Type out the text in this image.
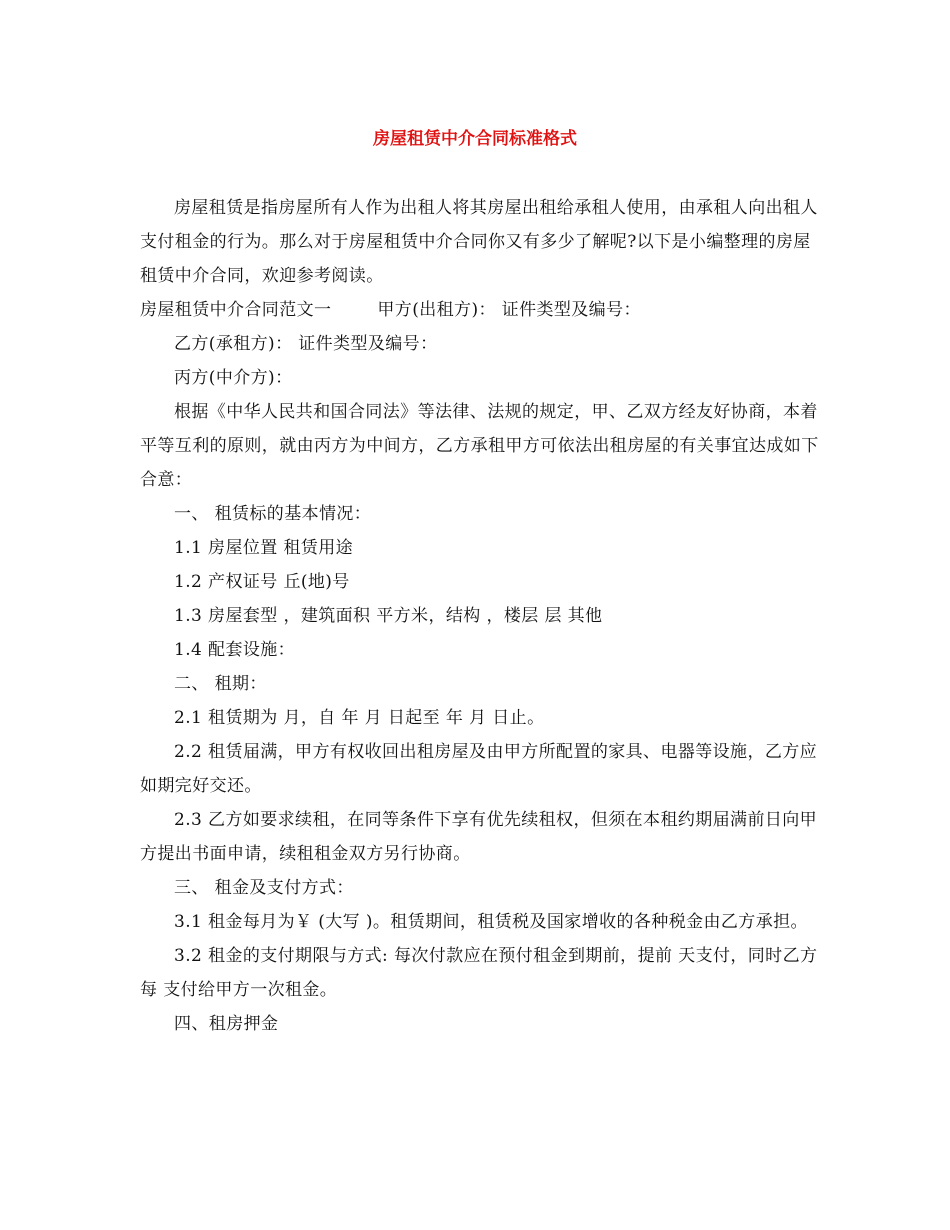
房屋租赁中介合同标准格式

房屋租赁是指房屋所有人作为出租人将其房屋出租给承租人使用，由承租人向出租人支付租金的行为。那么对于房屋租赁中介合同你又有多少了解呢?以下是小编整理的房屋租赁中介合同，欢迎参考阅读。

房屋租赁中介合同范文一	甲方(出租方)： 证件类型及编号：

乙方(承租方)： 证件类型及编号：

丙方(中介方)：

根据《中华人民共和国合同法》等法律、法规的规定，甲、乙双方经友好协商，本着平等互利的原则，就由丙方为中间方，乙方承租甲方可依法出租房屋的有关事宜达成如下合意：

一、 租赁标的基本情况：

1.1 房屋位置 租赁用途

1.2 产权证号 丘(地)号

1.3 房屋套型 ，建筑面积 平方米，结构 ，楼层 层 其他

1.4 配套设施：

二、 租期：

2.1 租赁期为 月，自 年 月 日起至 年 月 日止。

2.2 租赁届满，甲方有权收回出租房屋及由甲方所配置的家具、电器等设施，乙方应如期完好交还。

2.3 乙方如要求续租，在同等条件下享有优先续租权，但须在本租约期届满前日向甲方提出书面申请，续租租金双方另行协商。

三、 租金及支付方式：

3.1 租金每月为￥ (大写 )。租赁期间，租赁税及国家增收的各种税金由乙方承担。

3.2 租金的支付期限与方式: 每次付款应在预付租金到期前，提前 天支付，同时乙方每 支付给甲方一次租金。

四、租房押金
